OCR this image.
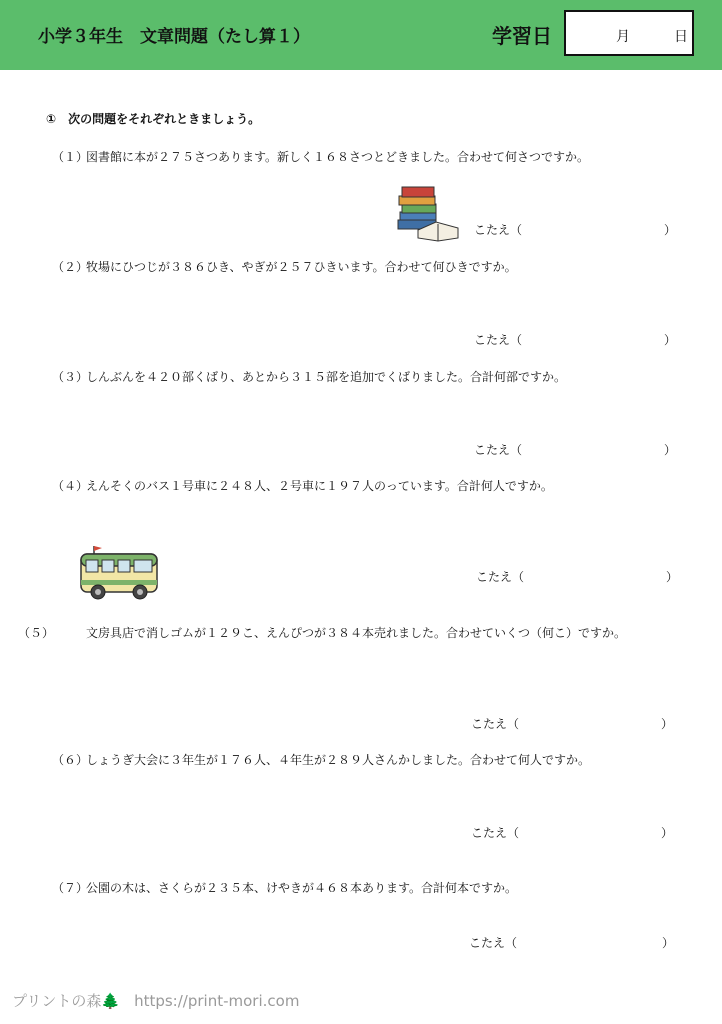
小学３年生　文章問題（たし算１）	学習日	月	日
①　次の問題をそれぞれときましょう。
（１）図書館に本が２７５さつあります。新しく１６８さつとどきました。合わせて何さつですか。
こたえ（	）
（２）牧場にひつじが３８６ひき、やぎが２５７ひきいます。合わせて何ひきですか。
こたえ（	）
（３）しんぶんを４２０部くばり、あとから３１５部を追加でくばりました。合計何部ですか。
こたえ（	）
（４）えんそくのバス１号車に２４８人、２号車に１９７人のっています。合計何人ですか。
こたえ（	）
（５）	文房具店で消しゴムが１２９こ、えんぴつが３８４本売れました。合わせていくつ（何こ）ですか。
こたえ（	）
（６）しょうぎ大会に３年生が１７６人、４年生が２８９人さんかしました。合わせて何人ですか。
こたえ（	）
（７）公園の木は、さくらが２３５本、けやきが４６８本あります。合計何本ですか。
こたえ（	）
プリントの森🌲 https://print-mori.com
